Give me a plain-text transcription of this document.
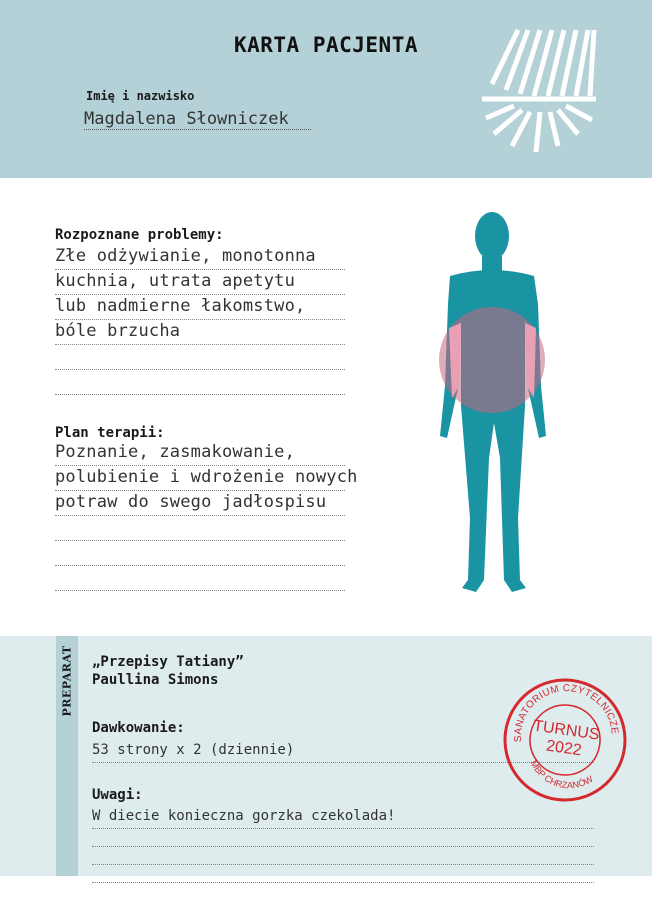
KARTA PACJENTA
Imię i nazwisko
Magdalena Słowniczek
Rozpoznane problemy:
Złe odżywianie, monotonna
kuchnia, utrata apetytu
lub nadmierne łakomstwo,
bóle brzucha
Plan terapii:
Poznanie, zasmakowanie,
polubienie i wdrożenie nowych
potraw do swego jadłospisu
PREPARAT „Przepisy Tatiany”
Paullina Simons
Dawkowanie:
53 strony x 2 (dziennie)
Uwagi:
W diecie konieczna gorzka czekolada!
SANATORIUM CZYTELNICZE
TURNUS
2022
MBP CHRZANÓW
